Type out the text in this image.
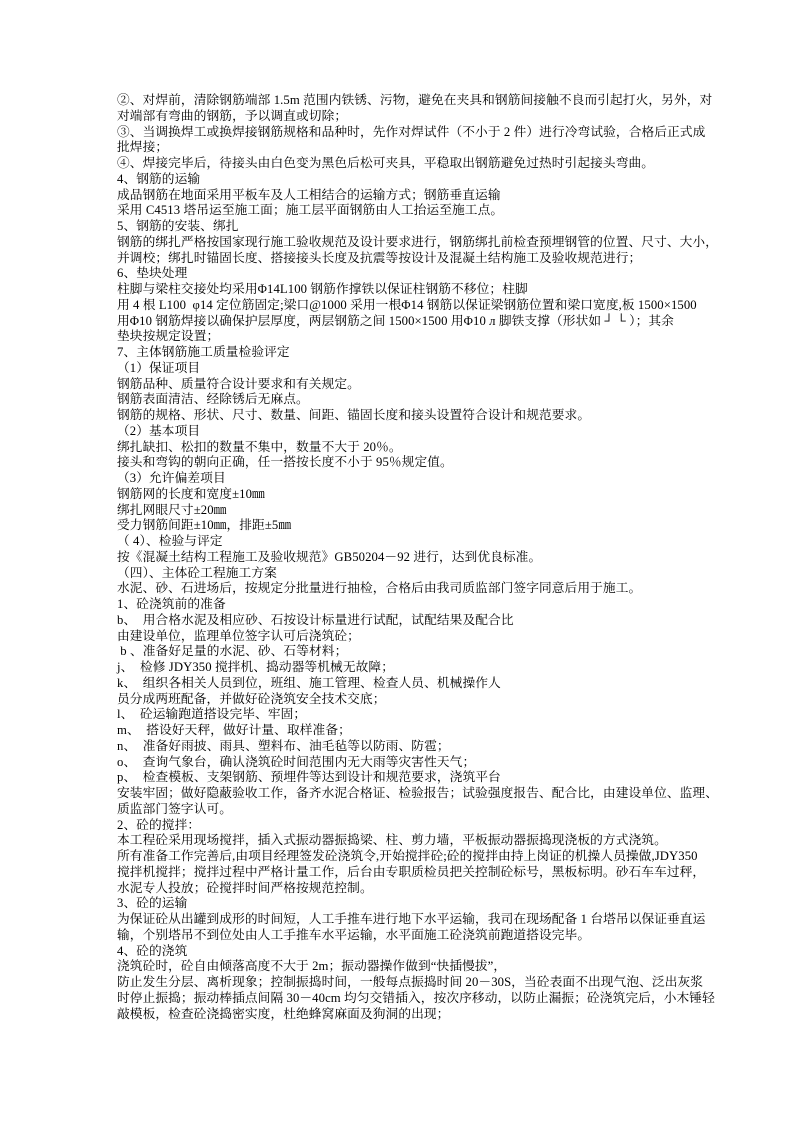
②、对焊前，清除钢筋端部 1.5m 范围内铁锈、污物，避免在夹具和钢筋间接触不良而引起打火，另外，对
对端部有弯曲的钢筋，予以调直或切除；
③、当调换焊工或换焊接钢筋规格和品种时，先作对焊试件（不小于 2 件）进行冷弯试验，合格后正式成
批焊接；
④、焊接完毕后，待接头由白色变为黑色后松可夹具，平稳取出钢筋避免过热时引起接头弯曲。
4、钢筋的运输
成品钢筋在地面采用平板车及人工相结合的运输方式；钢筋垂直运输
采用 C4513 塔吊运至施工面；施工层平面钢筋由人工抬运至施工点。
5、钢筋的安装、绑扎
钢筋的绑扎严格按国家现行施工验收规范及设计要求进行，钢筋绑扎前检查预埋钢管的位置、尺寸、大小，
并调校；绑扎时锚固长度、搭接接头长度及抗震等按设计及混凝土结构施工及验收规范进行；
6、垫块处理
柱脚与梁柱交接处均采用Φ14L100 钢筋作撑铁以保证柱钢筋不移位；柱脚
用 4 根 L100  φ14 定位筋固定;梁口@1000 采用一根Φ14 钢筋以保证梁钢筋位置和梁口宽度,板 1500×1500
用Φ10 钢筋焊接以确保护层厚度，两层钢筋之间 1500×1500 用Φ10 л 脚铁支撑（形状如 ┘ └ ）；其余
垫块按规定设置；
7、主体钢筋施工质量检验评定
（1）保证项目
钢筋品种、质量符合设计要求和有关规定。
钢筋表面清洁、经除锈后无麻点。
钢筋的规格、形状、尺寸、数量、间距、锚固长度和接头设置符合设计和规范要求。
（2）基本项目
绑扎缺扣、松扣的数量不集中，数量不大于 20％。
接头和弯钩的朝向正确，任一搭按长度不小于 95％规定值。
（3）允许偏差项目
钢筋网的长度和宽度±10㎜
绑扎网眼尺寸±20㎜
受力钢筋间距±10㎜，排距±5㎜
（ 4）、检验与评定
按《混凝土结构工程施工及验收规范》GB50204－92 进行，达到优良标准。
（四）、主体砼工程施工方案
水泥、砂、石进场后，按规定分批量进行抽检，合格后由我司质监部门签字同意后用于施工。
1、砼浇筑前的准备
b、  用合格水泥及相应砂、石按设计标量进行试配，试配结果及配合比
由建设单位，监理单位签字认可后浇筑砼；
b 、准备好足量的水泥、砂、石等材料；
j、  检修 JDY350 搅拌机、捣动器等机械无故障；
k、  组织各相关人员到位，班组、施工管理、检查人员、机械操作人
员分成两班配备，并做好砼浇筑安全技术交底；
l、  砼运输跑道搭设完毕、牢固；
m、  搭设好天秤，做好计量、取样准备；
n、  准备好雨披、雨具、塑料布、油毛毡等以防雨、防雹；
o、  查询气象台，确认浇筑砼时间范围内无大雨等灾害性天气；
p、  检查模板、支架钢筋、预埋件等达到设计和规范要求，浇筑平台
安装牢固；做好隐蔽验收工作，备齐水泥合格证、检验报告；试验强度报告、配合比，由建设单位、监理、
质监部门签字认可。
2、砼的搅拌：
本工程砼采用现场搅拌，插入式振动器振捣梁、柱、剪力墙，平板振动器振捣现浇板的方式浇筑。
所有准备工作完善后,由项目经理签发砼浇筑令,开始搅拌砼;砼的搅拌由持上岗证的机操人员操做,JDY350
搅拌机搅拌；搅拌过程中严格计量工作，后台由专职质检员把关控制砼标号，黑板标明。砂石车车过秤，
水泥专人投放；砼搅拌时间严格按规范控制。
3、砼的运输
为保证砼从出罐到成形的时间短，人工手推车进行地下水平运输，我司在现场配备 1 台塔吊以保证垂直运
输，个别塔吊不到位处由人工手推车水平运输，水平面施工砼浇筑前跑道搭设完毕。
4、砼的浇筑
浇筑砼时，砼自由倾落高度不大于 2m；振动器操作做到“快插慢拔”，
防止发生分层、离析现象；控制振捣时间，一般每点振捣时间 20－30S，当砼表面不出现气泡、泛出灰浆
时停止振捣；振动棒插点间隔 30－40cm 均匀交错插入，按次序移动，以防止漏振；砼浇筑完后，小木锤轻
敲模板，检查砼浇捣密实度，杜绝蜂窝麻面及狗洞的出现；
